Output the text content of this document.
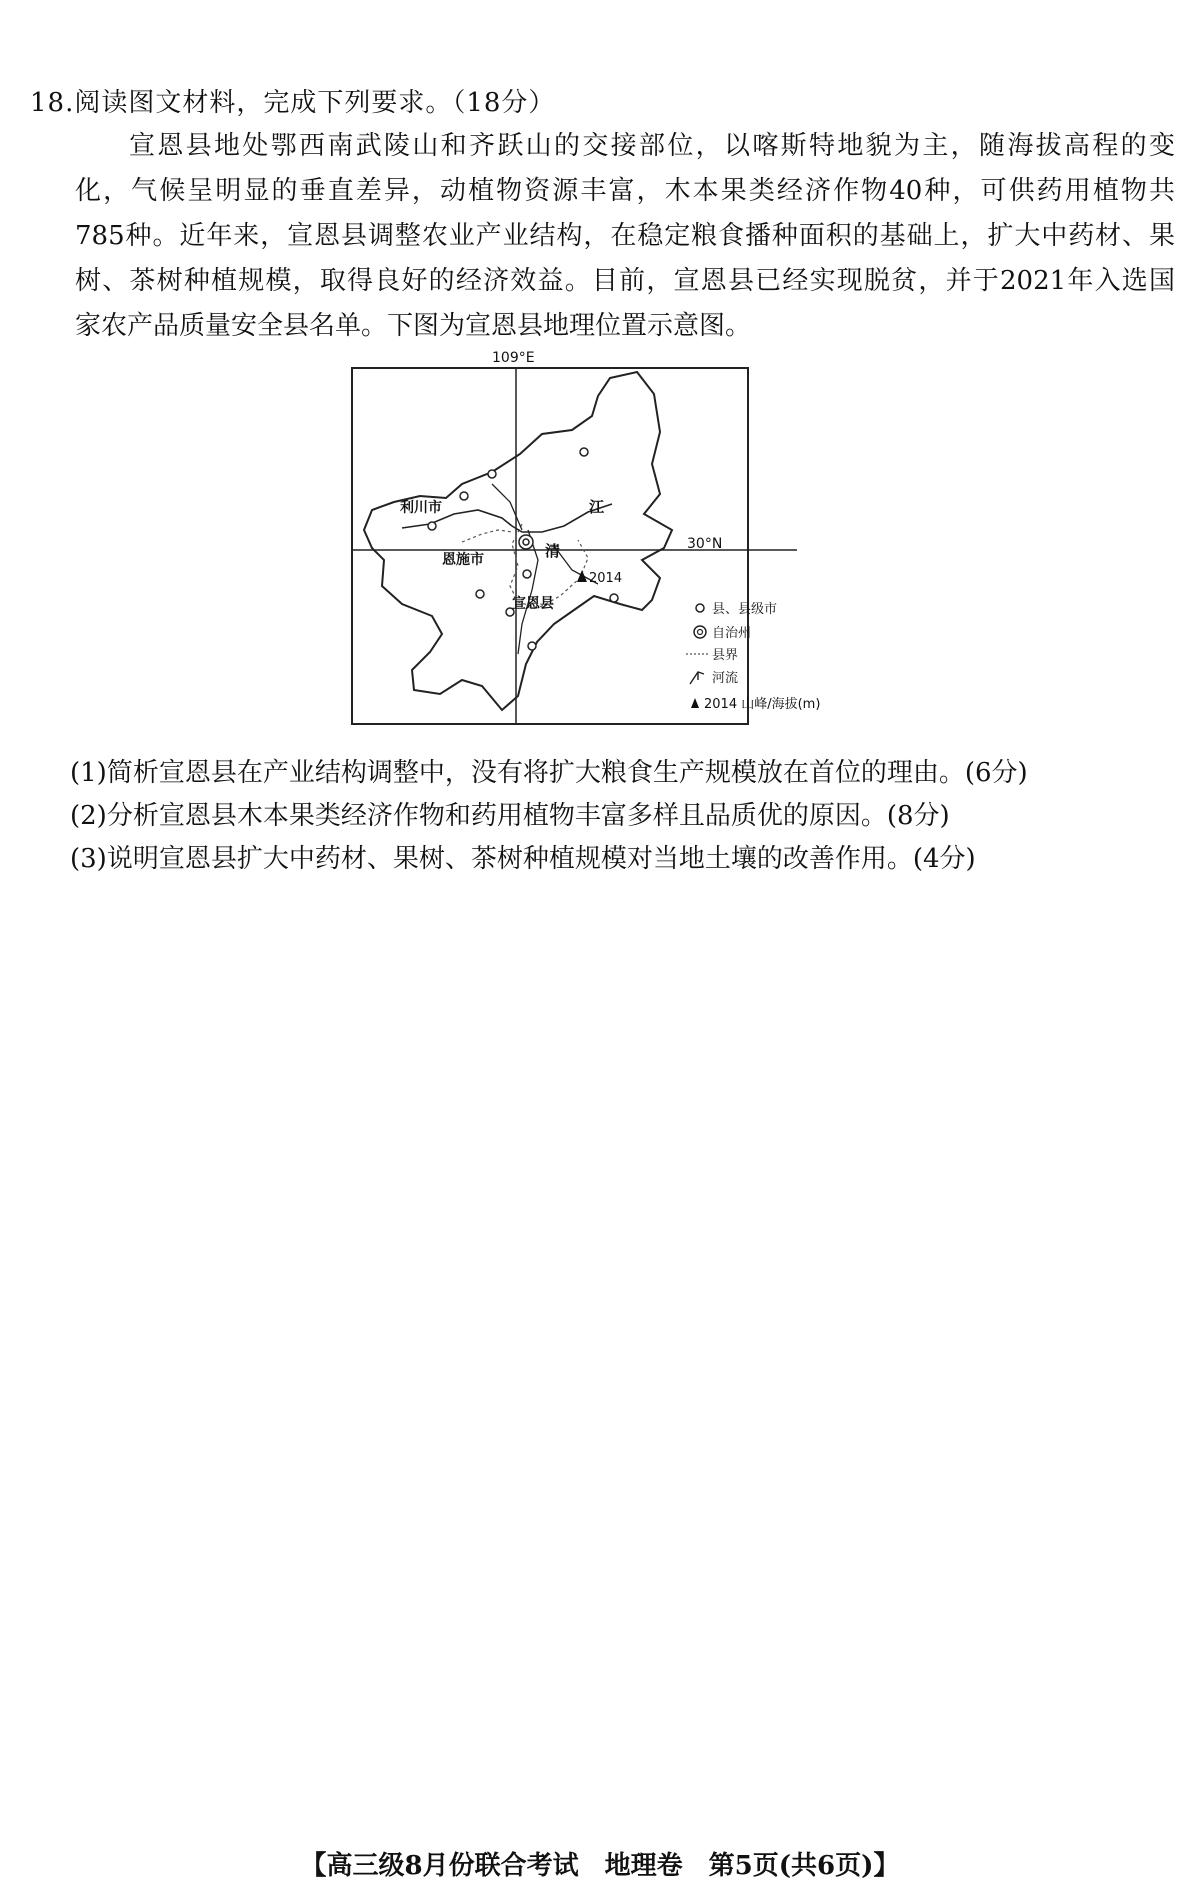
18.阅读图文材料，完成下列要求。（18分）
宣恩县地处鄂西南武陵山和齐跃山的交接部位，以喀斯特地貌为主，随海拔高程的变
化，气候呈明显的垂直差异，动植物资源丰富，木本果类经济作物40种，可供药用植物共
785种。近年来，宣恩县调整农业产业结构，在稳定粮食播种面积的基础上，扩大中药材、果
树、茶树种植规模，取得良好的经济效益。目前，宣恩县已经实现脱贫，并于2021年入选国
家农产品质量安全县名单。下图为宣恩县地理位置示意图。
109°E
30°N
利川市
恩施市
宣恩县
清
江
2014
县、县级市
自治州
县界
河流
2014 山峰/海拔(m)
(1)简析宣恩县在产业结构调整中，没有将扩大粮食生产规模放在首位的理由。(6分)
(2)分析宣恩县木本果类经济作物和药用植物丰富多样且品质优的原因。(8分)
(3)说明宣恩县扩大中药材、果树、茶树种植规模对当地土壤的改善作用。(4分)
【高三级8月份联合考试　地理卷　第5页(共6页)】
